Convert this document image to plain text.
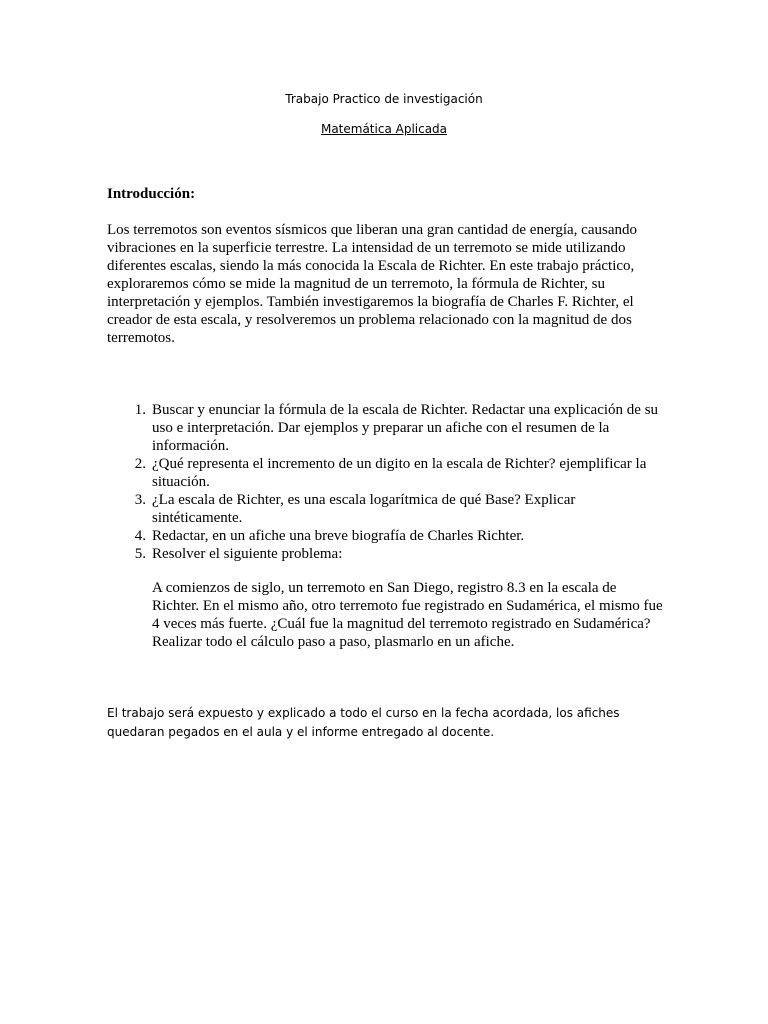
Trabajo Practico de investigación

Matemática Aplicada

Introducción:

Los terremotos son eventos sísmicos que liberan una gran cantidad de energía, causando vibraciones en la superficie terrestre. La intensidad de un terremoto se mide utilizando diferentes escalas, siendo la más conocida la Escala de Richter. En este trabajo práctico, exploraremos cómo se mide la magnitud de un terremoto, la fórmula de Richter, su interpretación y ejemplos. También investigaremos la biografía de Charles F. Richter, el creador de esta escala, y resolveremos un problema relacionado con la magnitud de dos terremotos.

1. Buscar y enunciar la fórmula de la escala de Richter. Redactar una explicación de su uso e interpretación. Dar ejemplos y preparar un afiche con el resumen de la información.
2. ¿Qué representa el incremento de un digito en la escala de Richter? ejemplificar la situación.
3. ¿La escala de Richter, es una escala logarítmica de qué Base? Explicar sintéticamente.
4. Redactar, en un afiche una breve biografía de Charles Richter.
5. Resolver el siguiente problema:

A comienzos de siglo, un terremoto en San Diego, registro 8.3 en la escala de Richter. En el mismo año, otro terremoto fue registrado en Sudamérica, el mismo fue 4 veces más fuerte. ¿Cuál fue la magnitud del terremoto registrado en Sudamérica? Realizar todo el cálculo paso a paso, plasmarlo en un afiche.

El trabajo será expuesto y explicado a todo el curso en la fecha acordada, los afiches quedaran pegados en el aula y el informe entregado al docente.
